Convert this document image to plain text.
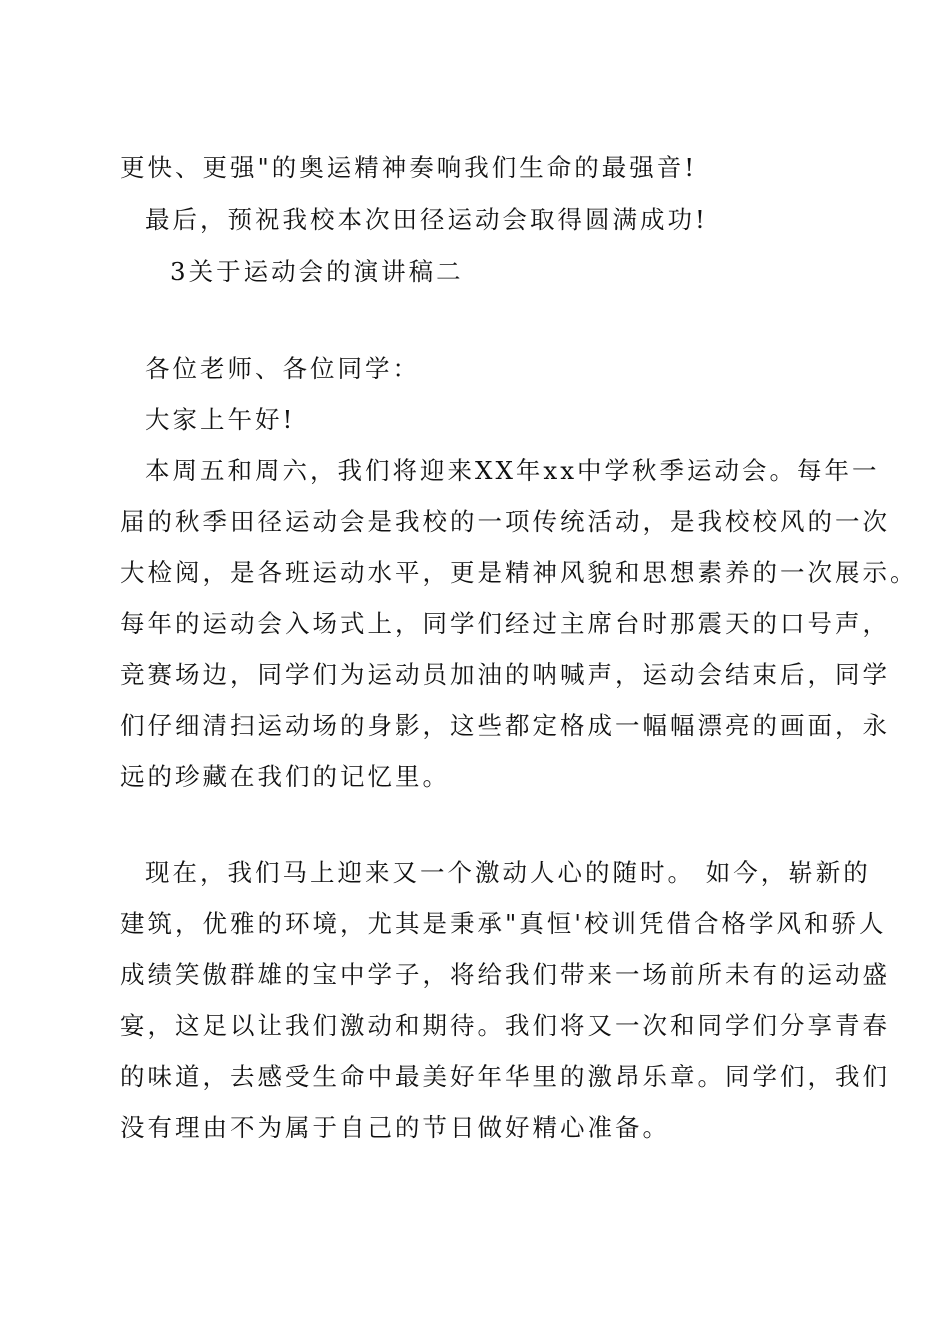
更快、更强"的奥运精神奏响我们生命的最强音!
最后，预祝我校本次田径运动会取得圆满成功!
3关于运动会的演讲稿二
各位老师、各位同学：
大家上午好!
本周五和周六，我们将迎来XX年xx中学秋季运动会。每年一
届的秋季田径运动会是我校的一项传统活动，是我校校风的一次
大检阅，是各班运动水平，更是精神风貌和思想素养的一次展示。
每年的运动会入场式上，同学们经过主席台时那震天的口号声，
竞赛场边，同学们为运动员加油的呐喊声，运动会结束后，同学
们仔细清扫运动场的身影，这些都定格成一幅幅漂亮的画面，永
远的珍藏在我们的记忆里。
现在，我们马上迎来又一个激动人心的随时。 如今，崭新的
建筑，优雅的环境，尤其是秉承"真恒'校训凭借合格学风和骄人
成绩笑傲群雄的宝中学子，将给我们带来一场前所未有的运动盛
宴，这足以让我们激动和期待。我们将又一次和同学们分享青春
的味道，去感受生命中最美好年华里的激昂乐章。同学们，我们
没有理由不为属于自己的节日做好精心准备。
